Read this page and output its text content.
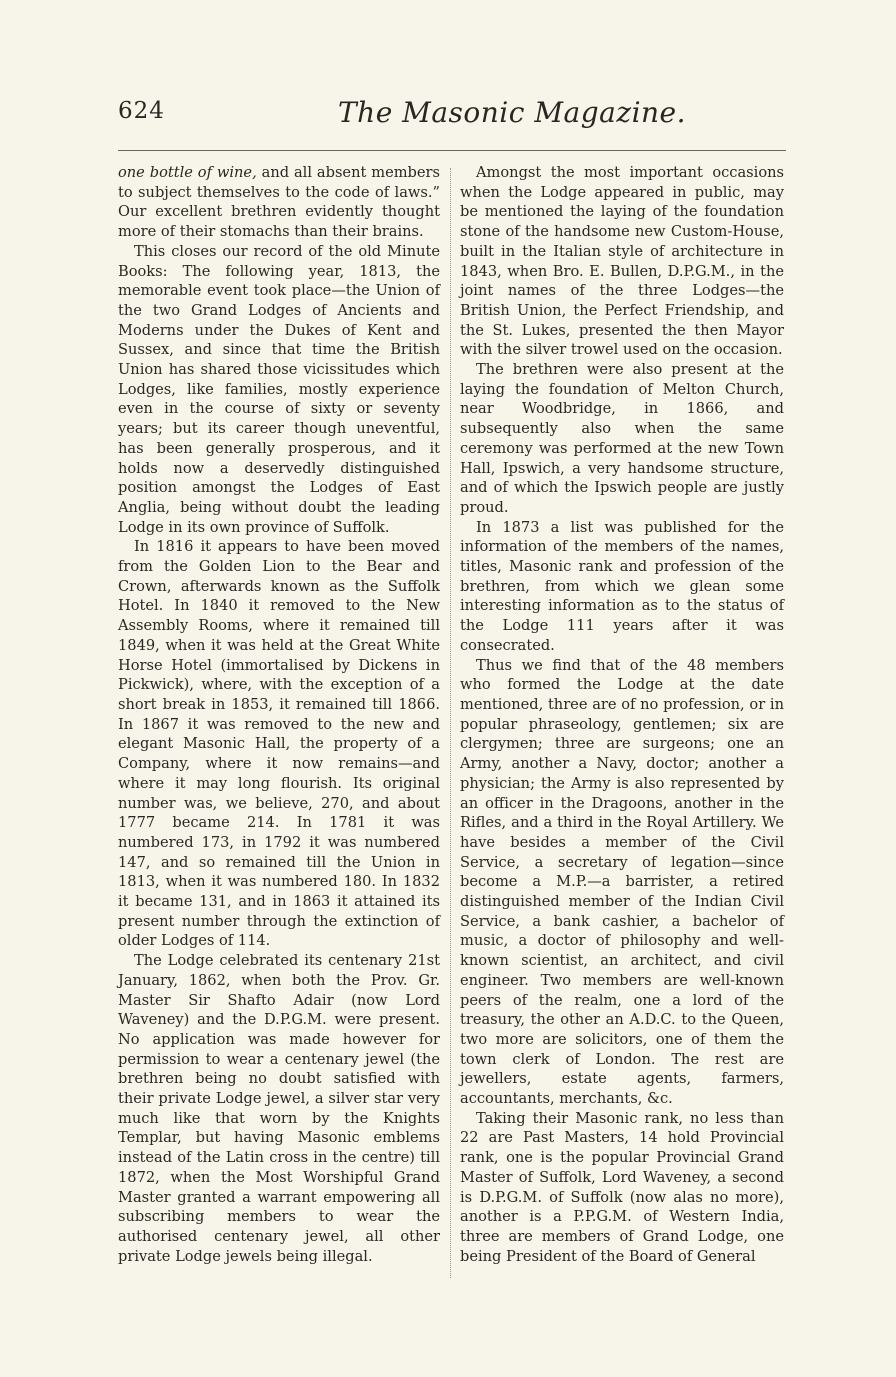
624	The Masonic Magazine.

one bottle of wine, and all absent members to subject themselves to the code of laws.” Our excellent brethren evidently thought more of their stomachs than their brains.

This closes our record of the old Minute Books: The following year, 1813, the memorable event took place—the Union of the two Grand Lodges of Ancients and Moderns under the Dukes of Kent and Sussex, and since that time the British Union has shared those vicissitudes which Lodges, like families, mostly experience even in the course of sixty or seventy years; but its career though uneventful, has been generally prosperous, and it holds now a deservedly distinguished position amongst the Lodges of East Anglia, being without doubt the leading Lodge in its own province of Suffolk.

In 1816 it appears to have been moved from the Golden Lion to the Bear and Crown, afterwards known as the Suffolk Hotel. In 1840 it removed to the New Assembly Rooms, where it remained till 1849, when it was held at the Great White Horse Hotel (immortalised by Dickens in Pickwick), where, with the exception of a short break in 1853, it remained till 1866. In 1867 it was removed to the new and elegant Masonic Hall, the property of a Company, where it now remains—and where it may long flourish. Its original number was, we believe, 270, and about 1777 became 214. In 1781 it was numbered 173, in 1792 it was numbered 147, and so remained till the Union in 1813, when it was numbered 180. In 1832 it became 131, and in 1863 it attained its present number through the extinction of older Lodges of 114.

The Lodge celebrated its centenary 21st January, 1862, when both the Prov. Gr. Master Sir Shafto Adair (now Lord Waveney) and the D.P.G.M. were present. No application was made however for permission to wear a centenary jewel (the brethren being no doubt satisfied with their private Lodge jewel, a silver star very much like that worn by the Knights Templar, but having Masonic emblems instead of the Latin cross in the centre) till 1872, when the Most Worshipful Grand Master granted a warrant empowering all subscribing members to wear the authorised centenary jewel, all other private Lodge jewels being illegal.

Amongst the most important occasions when the Lodge appeared in public, may be mentioned the laying of the foundation stone of the handsome new Custom-House, built in the Italian style of architecture in 1843, when Bro. E. Bullen, D.P.G.M., in the joint names of the three Lodges—the British Union, the Perfect Friendship, and the St. Lukes, presented the then Mayor with the silver trowel used on the occasion.

The brethren were also present at the laying the foundation of Melton Church, near Woodbridge, in 1866, and subsequently also when the same ceremony was performed at the new Town Hall, Ipswich, a very handsome structure, and of which the Ipswich people are justly proud.

In 1873 a list was published for the information of the members of the names, titles, Masonic rank and profession of the brethren, from which we glean some interesting information as to the status of the Lodge 111 years after it was consecrated.

Thus we find that of the 48 members who formed the Lodge at the date mentioned, three are of no profession, or in popular phraseology, gentlemen; six are clergymen; three are surgeons; one an Army, another a Navy, doctor; another a physician; the Army is also represented by an officer in the Dragoons, another in the Rifles, and a third in the Royal Artillery. We have besides a member of the Civil Service, a secretary of legation—since become a M.P.—a barrister, a retired distinguished member of the Indian Civil Service, a bank cashier, a bachelor of music, a doctor of philosophy and well-known scientist, an architect, and civil engineer. Two members are well-known peers of the realm, one a lord of the treasury, the other an A.D.C. to the Queen, two more are solicitors, one of them the town clerk of London. The rest are jewellers, estate agents, farmers, accountants, merchants, &c.

Taking their Masonic rank, no less than 22 are Past Masters, 14 hold Provincial rank, one is the popular Provincial Grand Master of Suffolk, Lord Waveney, a second is D.P.G.M. of Suffolk (now alas no more), another is a P.P.G.M. of Western India, three are members of Grand Lodge, one being President of the Board of General
